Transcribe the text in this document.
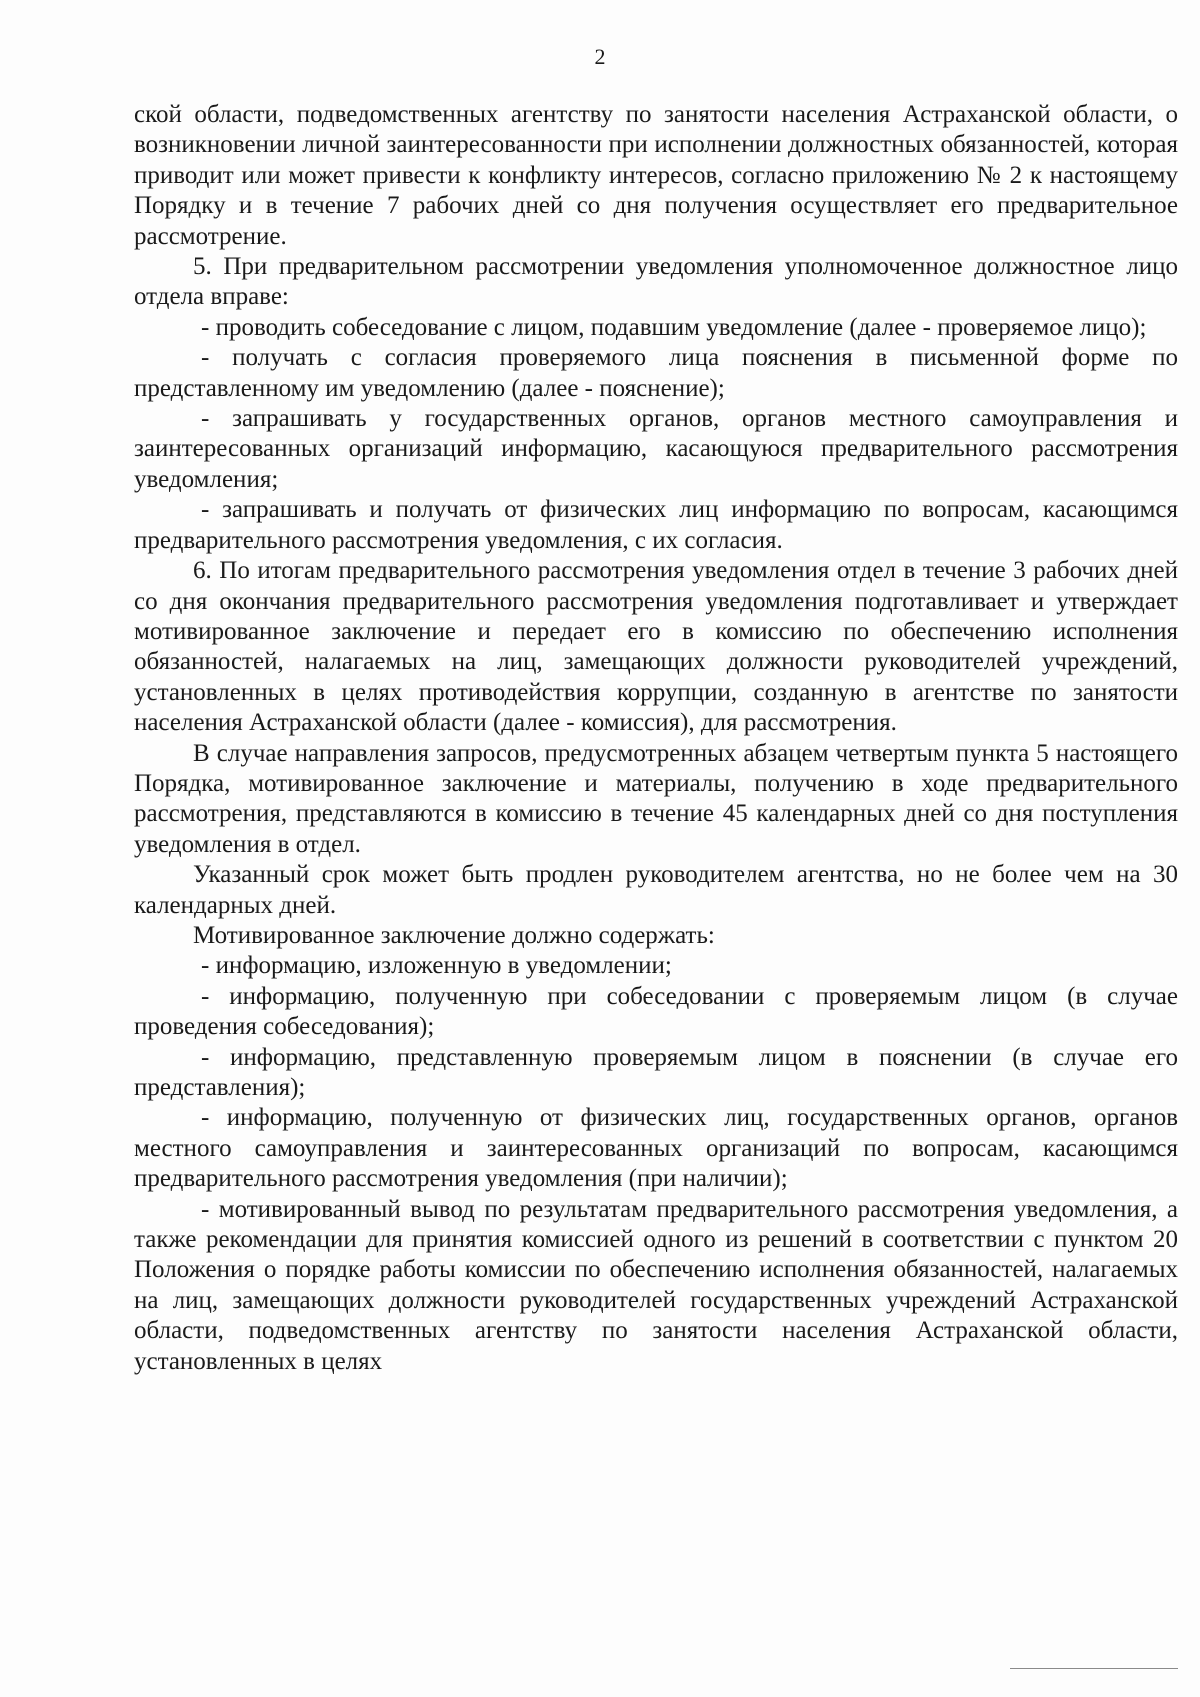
2

ской области, подведомственных агентству по занятости населения Астраханской области, о возникновении личной заинтересованности при исполнении должностных обязанностей, которая приводит или может привести к конфликту интересов, согласно приложению № 2 к настоящему Порядку и в течение 7 рабочих дней со дня получения осуществляет его предварительное рассмотрение.

5. При предварительном рассмотрении уведомления уполномоченное должностное лицо отдела вправе:

- проводить собеседование с лицом, подавшим уведомление (далее - проверяемое лицо);

- получать с согласия проверяемого лица пояснения в письменной форме по представленному им уведомлению (далее - пояснение);

- запрашивать у государственных органов, органов местного самоуправления и заинтересованных организаций информацию, касающуюся предварительного рассмотрения уведомления;

- запрашивать и получать от физических лиц информацию по вопросам, касающимся предварительного рассмотрения уведомления, с их согласия.

6. По итогам предварительного рассмотрения уведомления отдел в течение 3 рабочих дней со дня окончания предварительного рассмотрения уведомления подготавливает и утверждает мотивированное заключение и передает его в комиссию по обеспечению исполнения обязанностей, налагаемых на лиц, замещающих должности руководителей учреждений, установленных в целях противодействия коррупции, созданную в агентстве по занятости населения Астраханской области (далее - комиссия), для рассмотрения.

В случае направления запросов, предусмотренных абзацем четвертым пункта 5 настоящего Порядка, мотивированное заключение и материалы, получению в ходе предварительного рассмотрения, представляются в комиссию в течение 45 календарных дней со дня поступления уведомления в отдел.

Указанный срок может быть продлен руководителем агентства, но не более чем на 30 календарных дней.

Мотивированное заключение должно содержать:

- информацию, изложенную в уведомлении;

- информацию, полученную при собеседовании с проверяемым лицом (в случае проведения собеседования);

- информацию, представленную проверяемым лицом в пояснении (в случае его представления);

- информацию, полученную от физических лиц, государственных органов, органов местного самоуправления и заинтересованных организаций по вопросам, касающимся предварительного рассмотрения уведомления (при наличии);

- мотивированный вывод по результатам предварительного рассмотрения уведомления, а также рекомендации для принятия комиссией одного из решений в соответствии с пунктом 20 Положения о порядке работы комиссии по обеспечению исполнения обязанностей, налагаемых на лиц, замещающих должности руководителей государственных учреждений Астраханской области, подведомственных агентству по занятости населения Астраханской области, установленных в целях
